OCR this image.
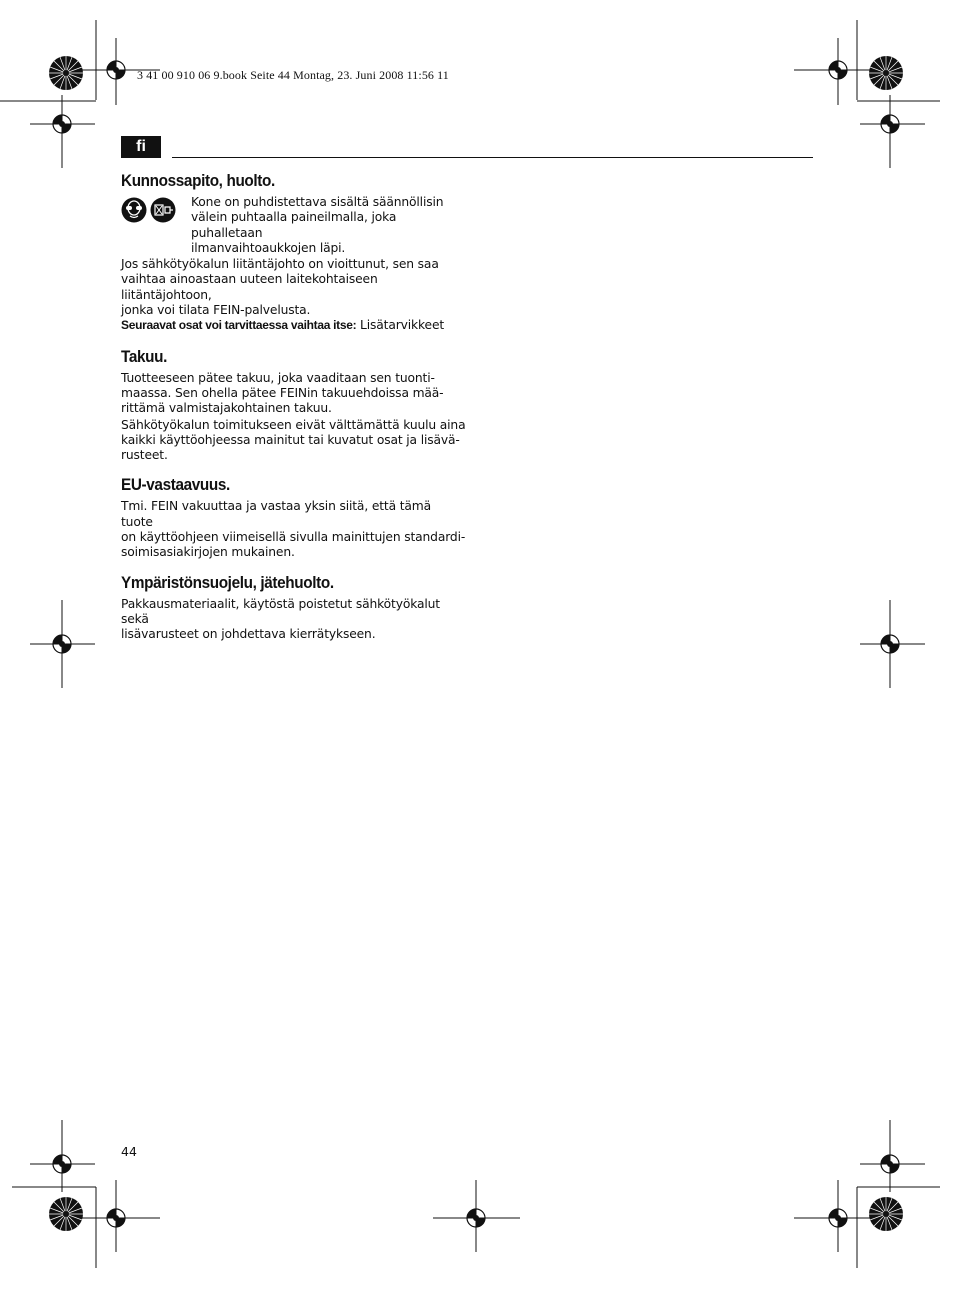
3 41 00 910 06 9.book Seite 44 Montag, 23. Juni 2008 11:56 11
fi
Kunnossapito, huolto.

Kone on puhdistettava sisältä säännöllisin
välein puhtaalla paineilmalla, joka puhalletaan
ilmanvaihtoaukkojen läpi.

Jos sähkötyökalun liitäntäjohto on vioittunut, sen saa
vaihtaa ainoastaan uuteen laitekohtaiseen liitäntäjohtoon,
jonka voi tilata FEIN-palvelusta.

Seuraavat osat voi tarvittaessa vaihtaa itse: Lisätarvikkeet

Takuu.

Tuotteeseen pätee takuu, joka vaaditaan sen tuonti-
maassa. Sen ohella pätee FEINin takuuehdoissa mää-
rittämä valmistajakohtainen takuu.

Sähkötyökalun toimitukseen eivät välttämättä kuulu aina
kaikki käyttöohjeessa mainitut tai kuvatut osat ja lisävä-
rusteet.

EU-vastaavuus.

Tmi. FEIN vakuuttaa ja vastaa yksin siitä, että tämä tuote
on käyttöohjeen viimeisellä sivulla mainittujen standardi-
soimisasiakirjojen mukainen.

Ympäristönsuojelu, jätehuolto.

Pakkausmateriaalit, käytöstä poistetut sähkötyökalut sekä
lisävarusteet on johdettava kierrätykseen.

44
